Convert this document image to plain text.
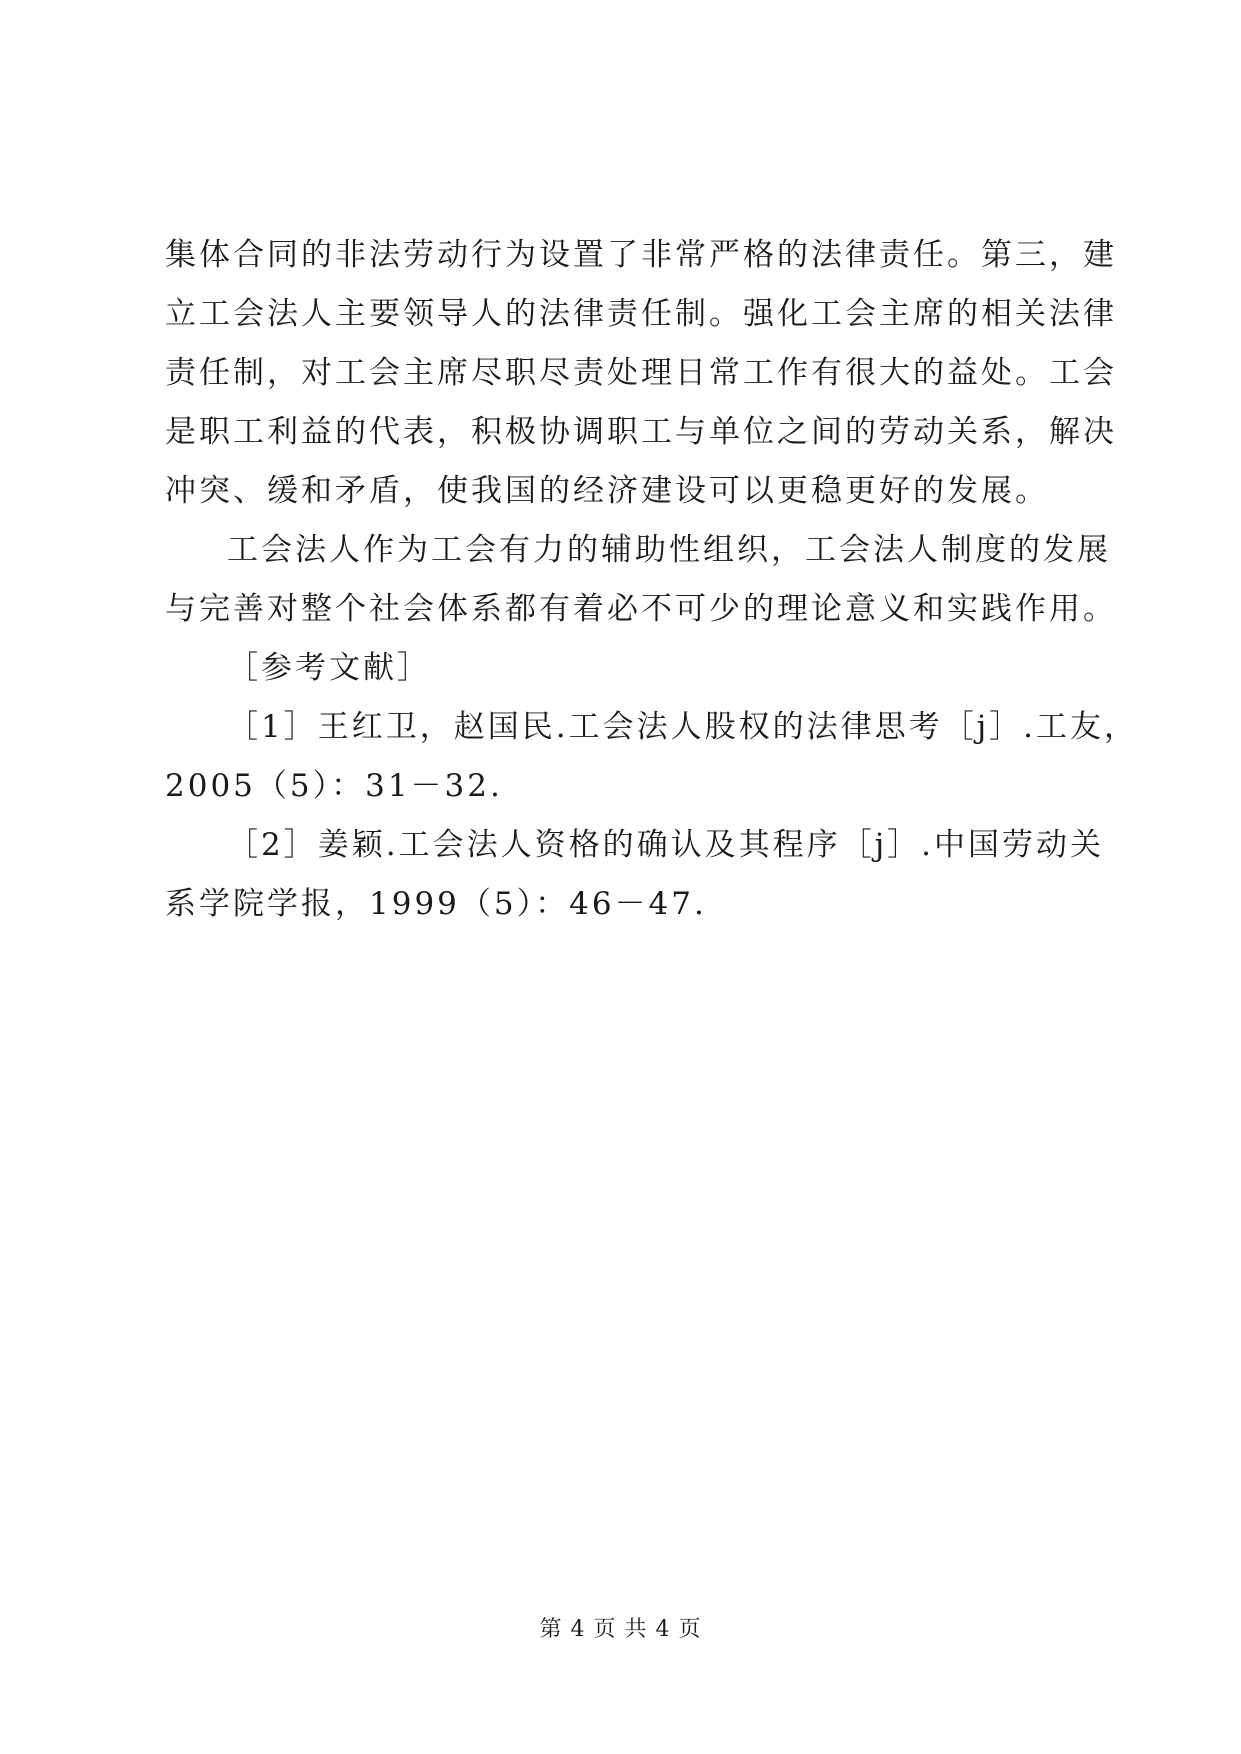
集体合同的非法劳动行为设置了非常严格的法律责任。第三，建
立工会法人主要领导人的法律责任制。强化工会主席的相关法律
责任制，对工会主席尽职尽责处理日常工作有很大的益处。工会
是职工利益的代表，积极协调职工与单位之间的劳动关系，解决
冲突、缓和矛盾，使我国的经济建设可以更稳更好的发展。
工会法人作为工会有力的辅助性组织，工会法人制度的发展
与完善对整个社会体系都有着必不可少的理论意义和实践作用。
［参考文献］
［1］王红卫，赵国民.工会法人股权的法律思考［j］.工友，
2005（5）：31－32.
［2］姜颖.工会法人资格的确认及其程序［j］.中国劳动关
系学院学报，1999（5）：46－47.
第 4 页 共 4 页
